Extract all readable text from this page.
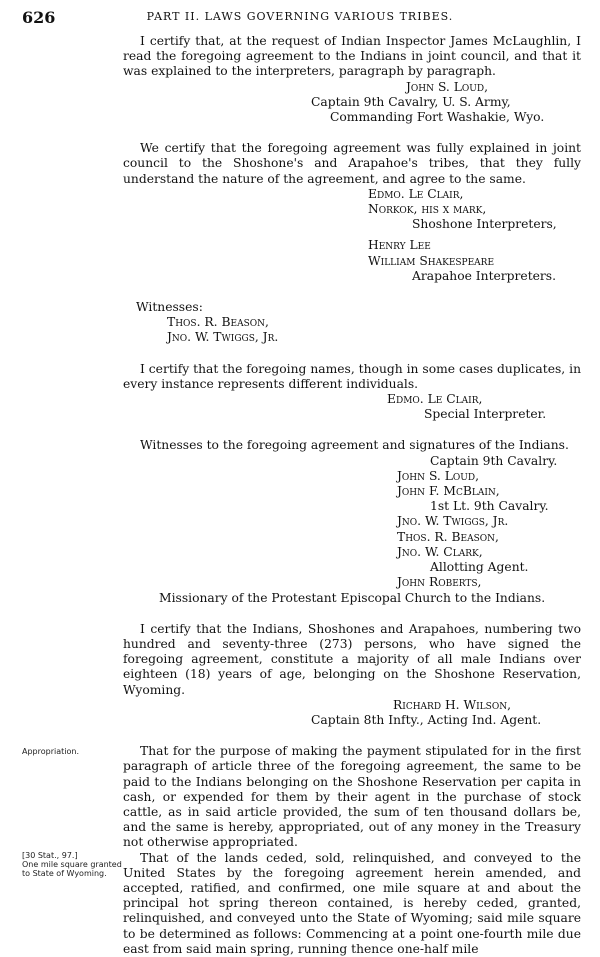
626	PART II. LAWS GOVERNING VARIOUS TRIBES.

I certify that, at the request of Indian Inspector James McLaughlin, I read the foregoing agreement to the Indians in joint council, and that it was explained to the interpreters, paragraph by paragraph.

John S. Loud,
Captain 9th Cavalry, U. S. Army,
Commanding Fort Washakie, Wyo.

We certify that the foregoing agreement was fully explained in joint council to the Shoshone's and Arapahoe's tribes, that they fully understand the nature of the agreement, and agree to the same.

Edmo. Le Clair,
Norkok, his x mark,
Shoshone Interpreters,
Henry Lee
William Shakespeare
Arapahoe Interpreters.
Witnesses:
Thos. R. Beason,
Jno. W. Twiggs, Jr.

I certify that the foregoing names, though in some cases duplicates, in every instance represents different individuals.

Edmo. Le Clair,
Special Interpreter.
Witnesses to the foregoing agreement and signatures of the Indians.
Captain 9th Cavalry.
John S. Loud,
John F. McBlain,
1st Lt. 9th Cavalry.
Jno. W. Twiggs, Jr.
Thos. R. Beason,
Jno. W. Clark,
Allotting Agent.
John Roberts,
Missionary of the Protestant Episcopal Church to the Indians.

I certify that the Indians, Shoshones and Arapahoes, numbering two hundred and seventy-three (273) persons, who have signed the foregoing agreement, constitute a majority of all male Indians over eighteen (18) years of age, belonging on the Shoshone Reservation, Wyoming.

Richard H. Wilson,
Captain 8th Infty., Acting Ind. Agent.

That for the purpose of making the payment stipulated for in the first paragraph of article three of the foregoing agreement, the same to be paid to the Indians belonging on the Shoshone Reservation per capita in cash, or expended for them by their agent in the purchase of stock cattle, as in said article provided, the sum of ten thousand dollars be, and the same is hereby, appropriated, out of any money in the Treasury not otherwise appropriated.

That of the lands ceded, sold, relinquished, and conveyed to the United States by the foregoing agreement herein amended, and accepted, ratified, and confirmed, one mile square at and about the principal hot spring thereon contained, is hereby ceded, granted, relinquished, and conveyed unto the State of Wyoming; said mile square to be determined as follows: Commencing at a point one-fourth mile due east from said main spring, running thence one-half mile

Appropriation.
[30 Stat., 97.]
One mile square granted to State of Wyoming.
